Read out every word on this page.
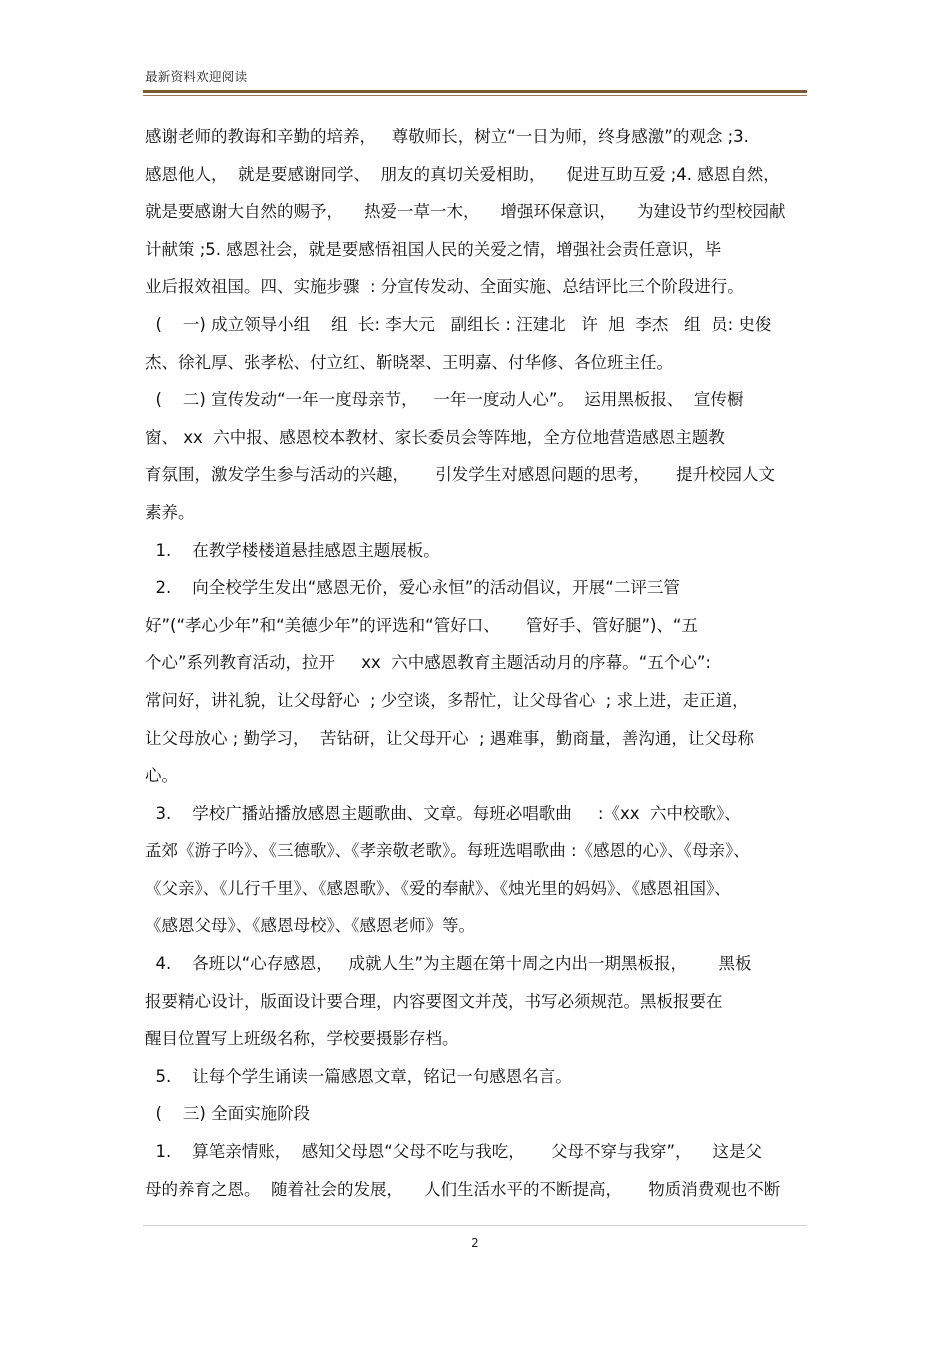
最新资料欢迎阅读
感谢老师的教诲和辛勤的培养，   尊敬师长，树立“一日为师，终身感激”的观念 ;3.
感恩他人，  就是要感谢同学、  朋友的真切关爱相助，    促进互助互爱 ;4. 感恩自然，
就是要感谢大自然的赐予，    热爱一草一木，    增强环保意识，    为建设节约型校园献
计献策 ;5. 感恩社会，就是要感悟祖国人民的关爱之情，增强社会责任意识，毕
业后报效祖国。四、实施步骤  : 分宣传发动、全面实施、总结评比三个阶段进行。
(    一) 成立领导小组    组  长: 李大元   副组长 : 汪建北   许  旭  李杰   组  员: 史俊
杰、徐礼厚、张孝松、付立红、靳晓翠、王明嘉、付华修、各位班主任。
(    二) 宣传发动“一年一度母亲节，   一年一度动人心”。  运用黑板报、  宣传橱
窗、 xx  六中报、感恩校本教材、家长委员会等阵地，全方位地营造感恩主题教
育氛围，激发学生参与活动的兴趣，     引发学生对感恩问题的思考，     提升校园人文
素养。
1.    在教学楼楼道悬挂感恩主题展板。
2.    向全校学生发出“感恩无价，爱心永恒”的活动倡议，开展“二评三管
好”(“孝心少年”和“美德少年”的评选和“管好口、     管好手、管好腿”)、“五
个心”系列教育活动，拉开     xx  六中感恩教育主题活动月的序幕。“五个心”:
常问好，讲礼貌，让父母舒心  ; 少空谈，多帮忙，让父母省心  ; 求上进，走正道，
让父母放心 ; 勤学习，  苦钻研，让父母开心  ; 遇难事，勤商量，善沟通，让父母称
心。
3.    学校广播站播放感恩主题歌曲、文章。每班必唱歌曲     :《xx  六中校歌》、
孟郊《游子吟》、《三德歌》、《孝亲敬老歌》。每班选唱歌曲 :《感恩的心》、《母亲》、
《父亲》、《儿行千里》、《感恩歌》、《爱的奉献》、《烛光里的妈妈》、《感恩祖国》、
《感恩父母》、《感恩母校》、《感恩老师》等。
4.    各班以“心存感恩，   成就人生”为主题在第十周之内出一期黑板报，      黑板
报要精心设计，版面设计要合理，内容要图文并茂，书写必须规范。黑板报要在
醒目位置写上班级名称，学校要摄影存档。
5.    让每个学生诵读一篇感恩文章，铭记一句感恩名言。
(    三) 全面实施阶段
1.    算笔亲情账，  感知父母恩“父母不吃与我吃，     父母不穿与我穿”，    这是父
母的养育之恩。  随着社会的发展，    人们生活水平的不断提高，     物质消费观也不断
2
